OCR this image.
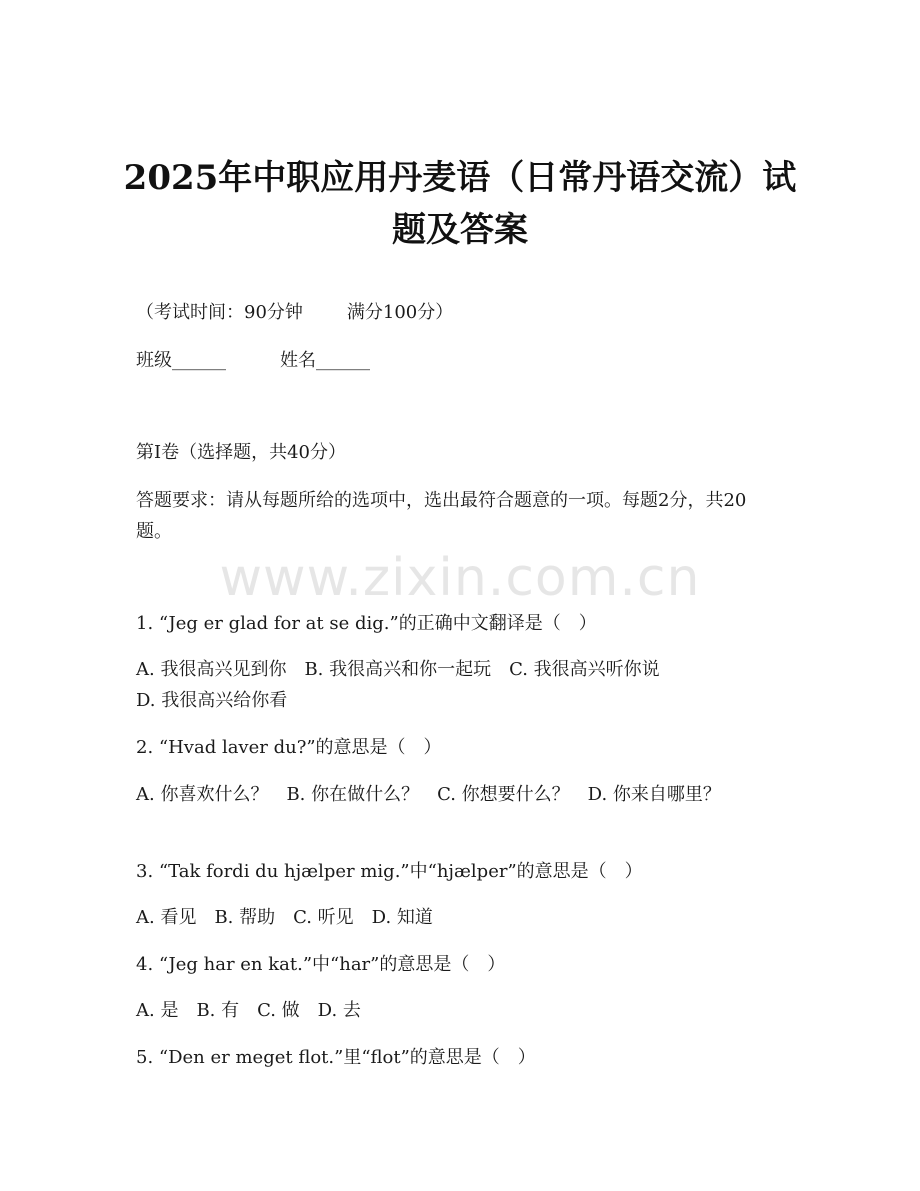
2025年中职应用丹麦语（日常丹语交流）试
题及答案

（考试时间：90分钟 满分100分）

班级______	姓名______

第I卷（选择题，共40分）

答题要求：请从每题所给的选项中，选出最符合题意的一项。每题2分，共20题。

www.zixin.com.cn

1. “Jeg er glad for at se dig.”的正确中文翻译是（　）

A. 我很高兴见到你　B. 我很高兴和你一起玩　C. 我很高兴听你说

D. 我很高兴给你看

2. “Hvad laver du?”的意思是（　）

A. 你喜欢什么？　B. 你在做什么？　C. 你想要什么？　D. 你来自哪里？

3. “Tak fordi du hjælper mig.”中“hjælper”的意思是（　）

A. 看见　B. 帮助　C. 听见　D. 知道

4. “Jeg har en kat.”中“har”的意思是（　）

A. 是　B. 有　C. 做　D. 去

5. “Den er meget flot.”里“flot”的意思是（　）
